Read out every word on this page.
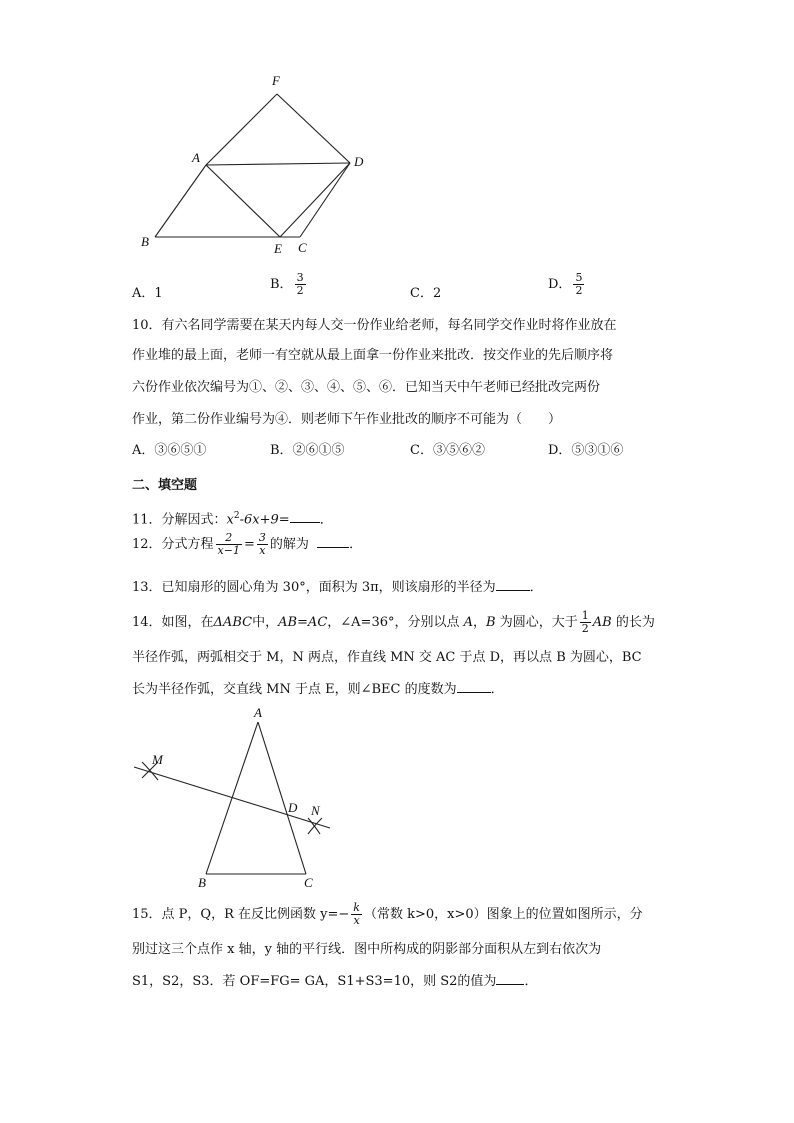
F
A	D
B	E C
A．1
B． $\frac{3}{2}$	C．2
D． $\frac{5}{2}$
10．有六名同学需要在某天内每人交一份作业给老师，每名同学交作业时将作业放在
作业堆的最上面，老师一有空就从最上面拿一份作业来批改．按交作业的先后顺序将
六份作业依次编号为①、②、③、④、⑤、⑥．已知当天中午老师已经批改完两份
作业，第二份作业编号为④．则老师下午作业批改的顺序不可能为（　　）
A．③⑥⑤①	B．②⑥①⑤	C．③⑤⑥②	D．⑤③①⑥
二、填空题
11．分解因式：$x^2-6x+9=$ ．
12．分式方程 $\frac{2}{x-1} = \frac{3}{x}$ 的解为	．
13．已知扇形的圆心角为 30°，面积为 3π，则该扇形的半径为	．
14．如图，在ΔABC中，AB=AC，∠A=36°，分别以点 A，B 为圆心，大于 $\frac{1}{2}$ AB 的长为
半径作弧，两弧相交于 M，N 两点，作直线 MN 交 AC 于点 D，再以点 B 为圆心，BC
长为半径作弧，交直线 MN 于点 E，则∠BEC 的度数为	．
A
M
D N
B	C
15．点 P，Q，R 在反比例函数 $y=- \frac{k}{x}$ （常数 k>0，x>0）图象上的位置如图所示，分
别过这三个点作 x 轴，y 轴的平行线．图中所构成的阴影部分面积从左到右依次为
S1，S2，S3．若 OF=FG= GA，S1+S3=10，则 S2的值为 ．
